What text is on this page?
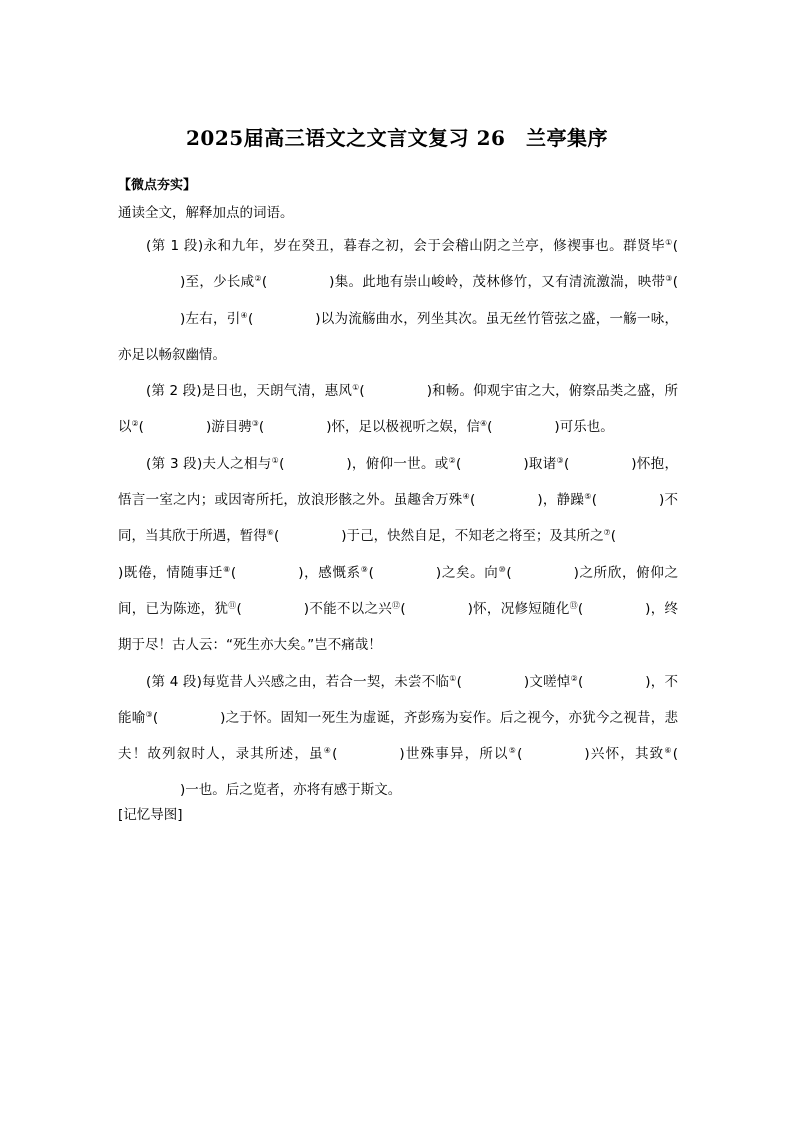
2025届高三语文之文言文复习 26　兰亭集序
【微点夯实】
通读全文，解释加点的词语。

(第 1 段)永和九年，岁在癸丑，暮春之初，会于会稽山阴之兰亭，修禊事也。群贤毕①()至，少长咸②(	)集。此地有崇山峻岭，茂林修竹，又有清流激湍，映带③()左右，引④(	)以为流觞曲水，列坐其次。虽无丝竹管弦之盛，一觞一咏，亦足以畅叙幽情。

(第 2 段)是日也，天朗气清，惠风①(	)和畅。仰观宇宙之大，俯察品类之盛，所以②(	)游目骋③(	)怀，足以极视听之娱，信④(	)可乐也。

(第 3 段)夫人之相与①(	)，俯仰一世。或②(	)取诸③(	)怀抱，悟言一室之内；或因寄所托，放浪形骸之外。虽趣舍万殊④(	)，静躁⑤(	)不同，当其欣于所遇，暂得⑥(	)于己，快然自足，不知老之将至；及其所之⑦()既倦，情随事迁⑧(	)，感慨系⑨(	)之矣。向⑩(	)之所欣，俯仰之间，已为陈迹，犹⑪(	)不能不以之兴⑫(	)怀，况修短随化⑬(	)，终期于尽！古人云：“死生亦大矣。”岂不痛哉！

(第 4 段)每览昔人兴感之由，若合一契，未尝不临①(	)文嗟悼②(	)，不能喻③(	)之于怀。固知一死生为虚诞，齐彭殇为妄作。后之视今，亦犹今之视昔，悲夫！故列叙时人，录其所述，虽④(	)世殊事异，所以⑤(	)兴怀，其致⑥()一也。后之览者，亦将有感于斯文。

[记忆导图]
